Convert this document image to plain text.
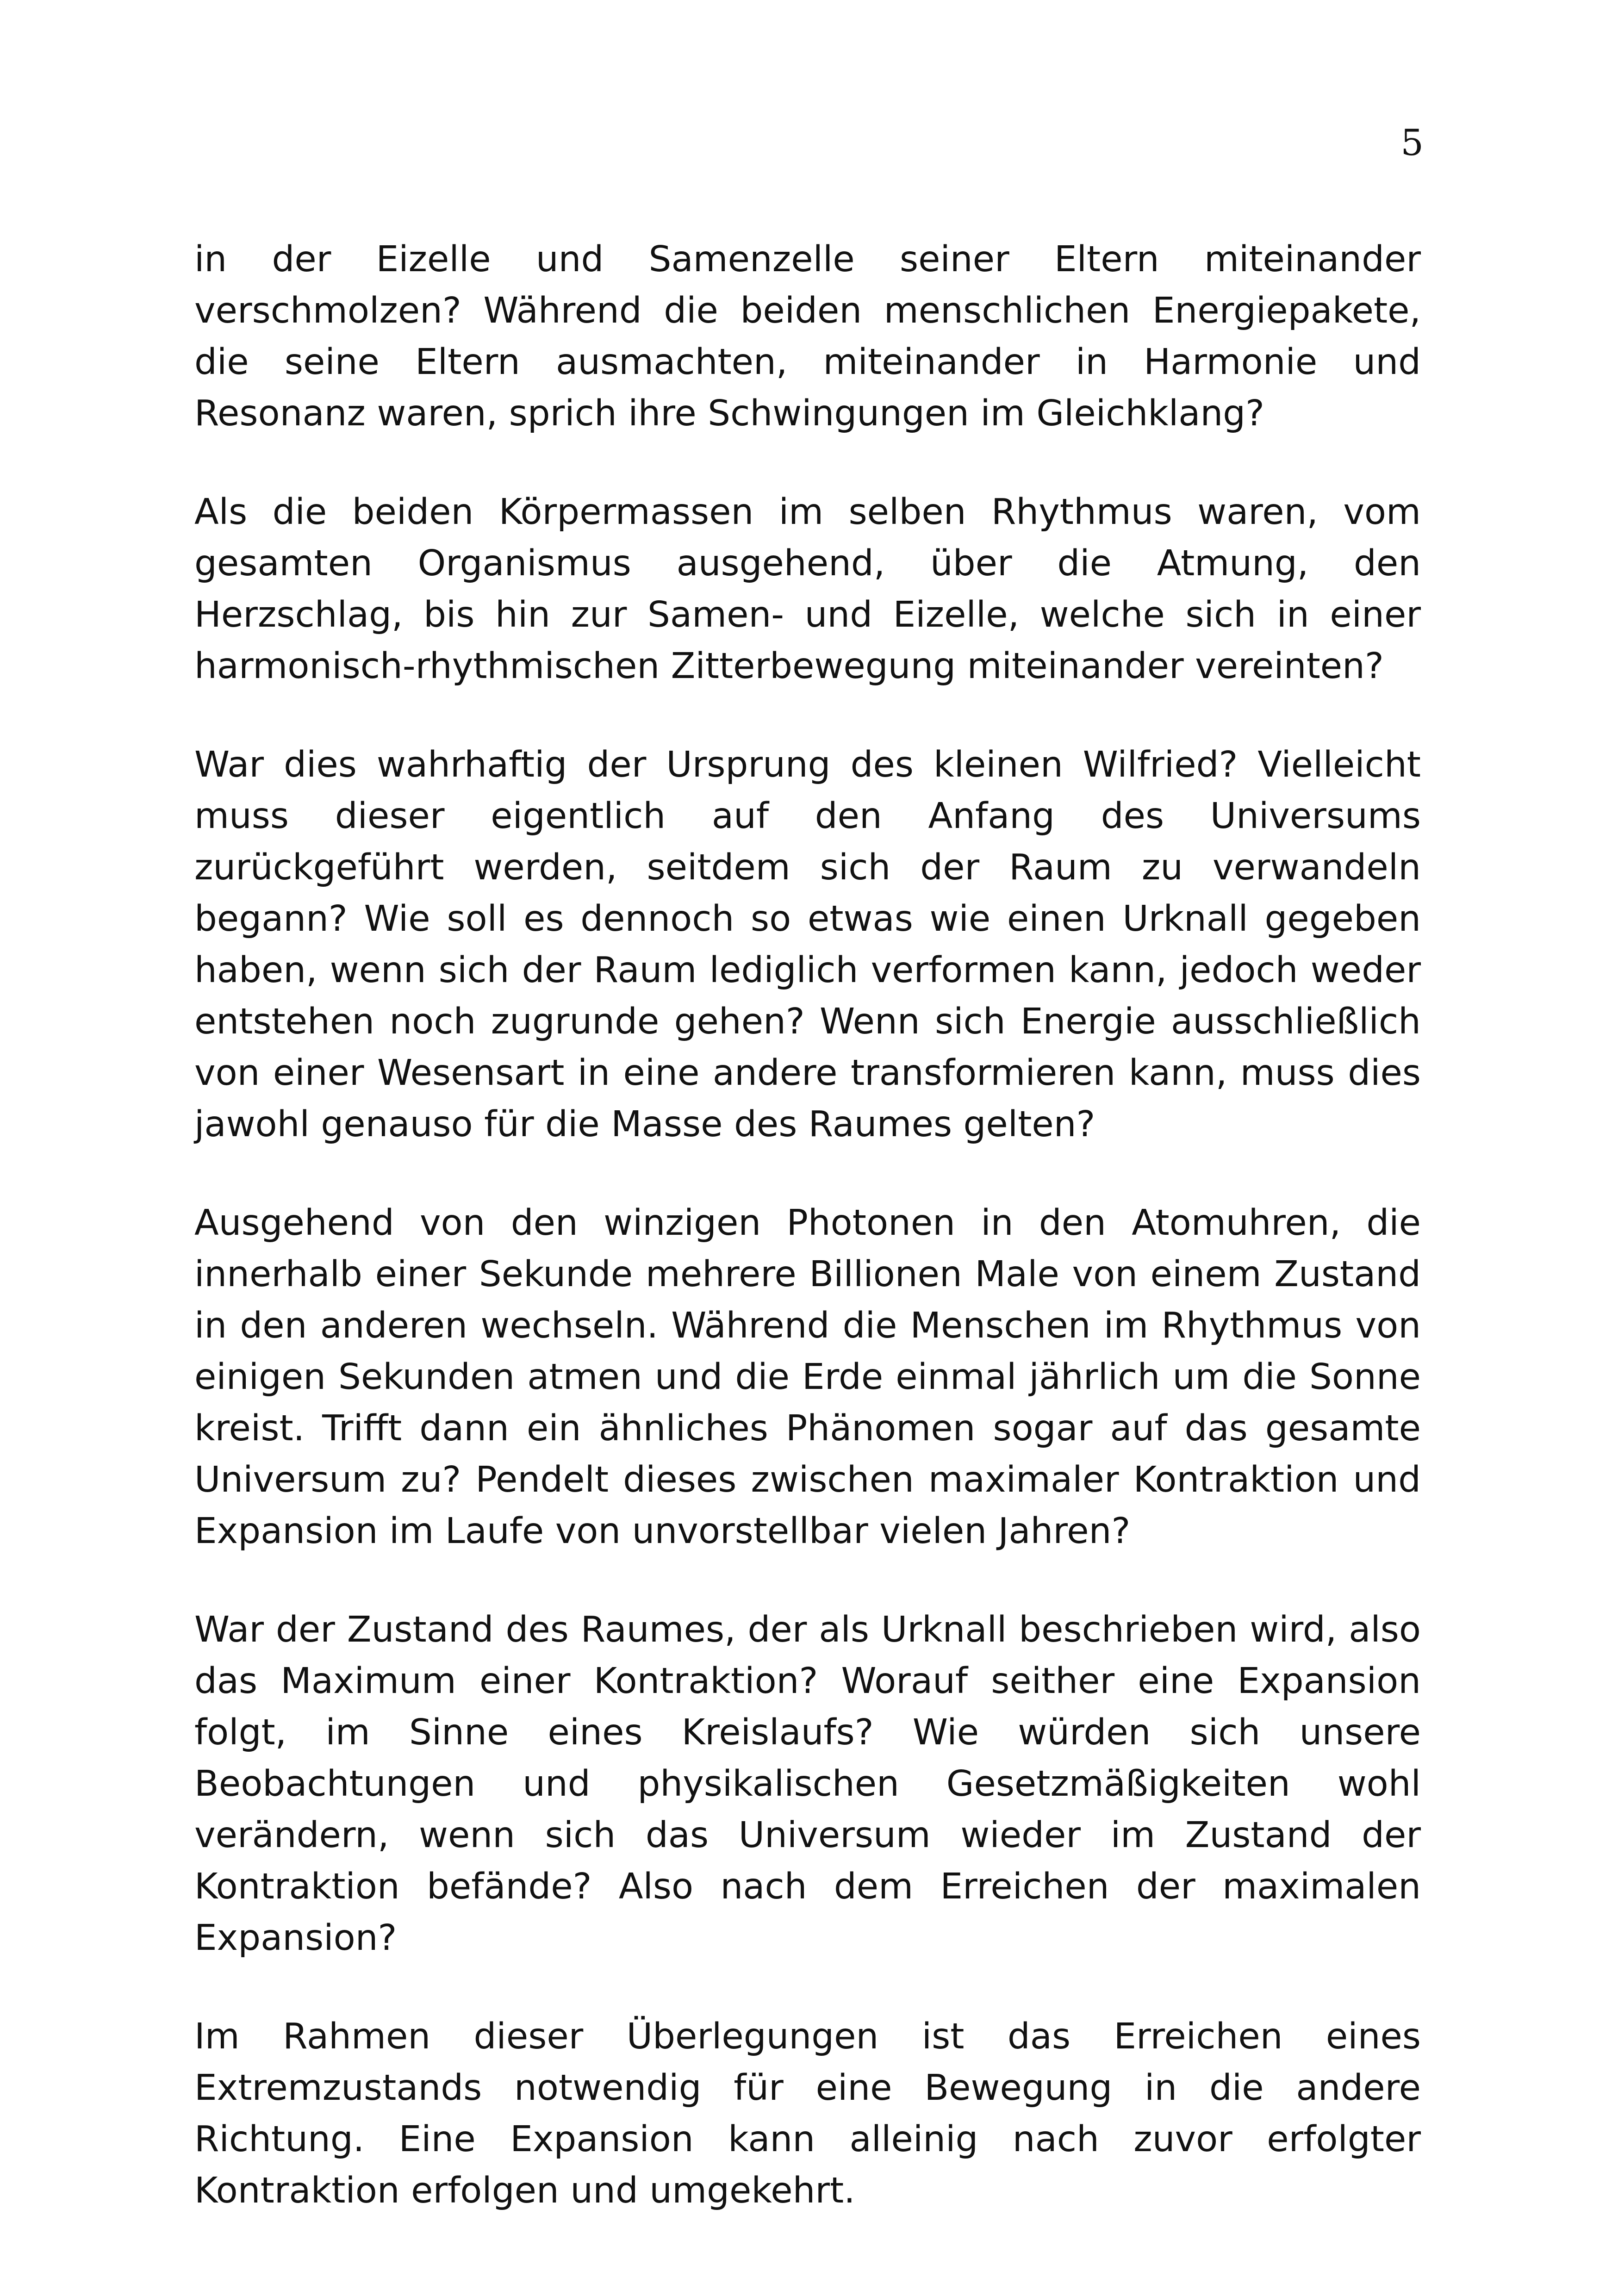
5

in der Eizelle und Samenzelle seiner Eltern miteinander verschmolzen? Während die beiden menschlichen Energiepakete, die seine Eltern ausmachten, miteinander in Harmonie und Resonanz waren, sprich ihre Schwingungen im Gleichklang?

Als die beiden Körpermassen im selben Rhythmus waren, vom gesamten Organismus ausgehend, über die Atmung, den Herzschlag, bis hin zur Samen- und Eizelle, welche sich in einer harmonisch-rhythmischen Zitterbewegung miteinander vereinten?

War dies wahrhaftig der Ursprung des kleinen Wilfried? Vielleicht muss dieser eigentlich auf den Anfang des Universums zurückgeführt werden, seitdem sich der Raum zu verwandeln begann? Wie soll es dennoch so etwas wie einen Urknall gegeben haben, wenn sich der Raum lediglich verformen kann, jedoch weder entstehen noch zugrunde gehen? Wenn sich Energie ausschließlich von einer Wesensart in eine andere transformieren kann, muss dies jawohl genauso für die Masse des Raumes gelten?

Ausgehend von den winzigen Photonen in den Atomuhren, die innerhalb einer Sekunde mehrere Billionen Male von einem Zustand in den anderen wechseln. Während die Menschen im Rhythmus von einigen Sekunden atmen und die Erde einmal jährlich um die Sonne kreist. Trifft dann ein ähnliches Phänomen sogar auf das gesamte Universum zu? Pendelt dieses zwischen maximaler Kontraktion und Expansion im Laufe von unvorstellbar vielen Jahren?

War der Zustand des Raumes, der als Urknall beschrieben wird, also das Maximum einer Kontraktion? Worauf seither eine Expansion folgt, im Sinne eines Kreislaufs? Wie würden sich unsere Beobachtungen und physikalischen Gesetzmäßigkeiten wohl verändern, wenn sich das Universum wieder im Zustand der Kontraktion befände? Also nach dem Erreichen der maximalen Expansion?

Im Rahmen dieser Überlegungen ist das Erreichen eines Extremzustands notwendig für eine Bewegung in die andere Richtung. Eine Expansion kann alleinig nach zuvor erfolgter Kontraktion erfolgen und umgekehrt.
